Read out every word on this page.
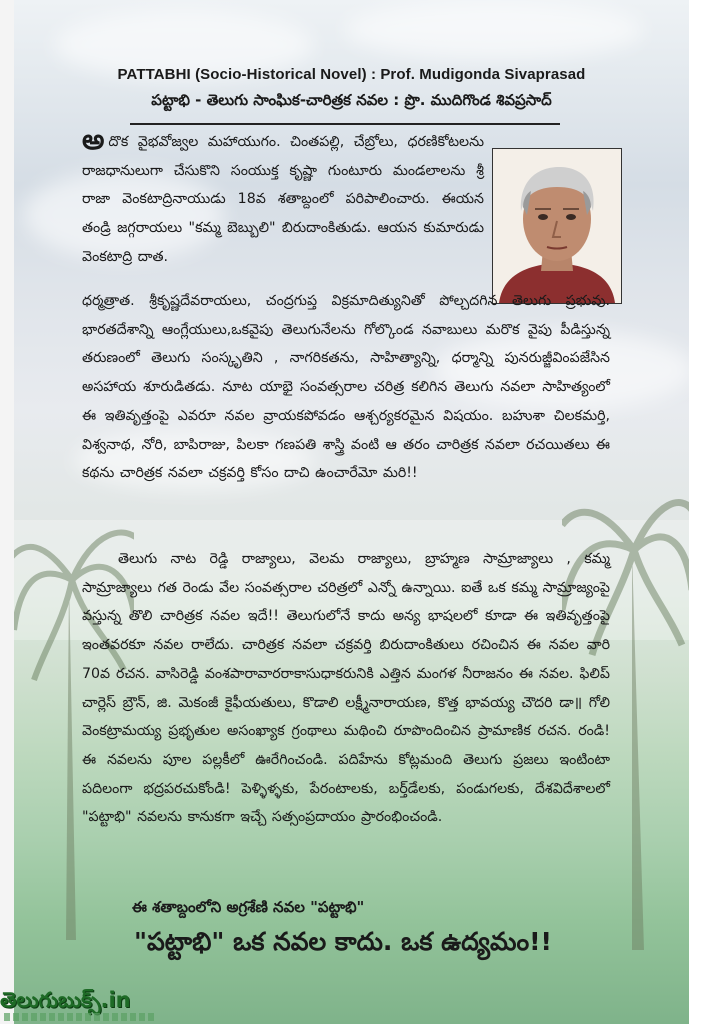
PATTABHI (Socio-Historical Novel) : Prof. Mudigonda Sivaprasad
పట్టాభి - తెలుగు సాంఘిక-చారిత్రక నవల : ప్రొ. ముదిగొండ శివప్రసాద్
అదొక వైభవోజ్వల మహాయుగం. చింతపల్లి, చేబ్రోలు, ధరణికోటలను రాజధానులుగా చేసుకొని సంయుక్త కృష్ణా గుంటూరు మండలాలను శ్రీ రాజా వెంకటాద్రినాయుడు 18వ శతాబ్దంలో పరిపాలించారు. ఈయన తండ్రి జగ్గరాయలు "కమ్మ బెబ్బులి" బిరుదాంకితుడు. ఆయన కుమారుడు వెంకటాద్రి దాత.
ధర్మత్రాత. శ్రీకృష్ణదేవరాయలు, చంద్రగుప్త విక్రమాదిత్యునితో పోల్చదగిన తెలుగు ప్రభువు. భారతదేశాన్ని ఆంగ్లేయులు,ఒకవైపు తెలుగునేలను గోల్కొండ నవాబులు మరొక వైపు పీడిస్తున్న తరుణంలో తెలుగు సంస్కృతిని , నాగరికతను, సాహిత్యాన్ని, ధర్మాన్ని పునరుజ్జీవింపజేసిన అసహాయ శూరుడితడు. నూట యాభై సంవత్సరాల చరిత్ర కలిగిన తెలుగు నవలా సాహిత్యంలో ఈ ఇతివృత్తంపై ఎవరూ నవల వ్రాయకపోవడం ఆశ్చర్యకరమైన విషయం. బహుశా చిలకమర్తి, విశ్వనాథ, నోరి, బాపిరాజు, పిలకా గణపతి శాస్త్రి వంటి ఆ తరం చారిత్రక నవలా రచయితలు ఈ కథను చారిత్రక నవలా చక్రవర్తి కోసం దాచి ఉంచారేమో మరి!!
తెలుగు నాట రెడ్డి రాజ్యాలు, వెలమ రాజ్యాలు, బ్రాహ్మణ సామ్రాజ్యాలు , కమ్మ సామ్రాజ్యాలు గత రెండు వేల సంవత్సరాల చరిత్రలో ఎన్నో ఉన్నాయి. ఐతే ఒక కమ్మ సామ్రాజ్యంపై వస్తున్న తొలి చారిత్రక నవల ఇదే!! తెలుగులోనే కాదు అన్య భాషలలో కూడా ఈ ఇతివృత్తంపై ఇంతవరకూ నవల రాలేదు. చారిత్రక నవలా చక్రవర్తి బిరుదాంకితులు రచించిన ఈ నవల వారి 70వ రచన. వాసిరెడ్డి వంశపారావారరాకాసుధాకరునికి ఎత్తిన మంగళ నీరాజనం ఈ నవల. ఫిలిప్ చార్లెస్ బ్రౌన్, జి. మెకంజీ కైఫీయతులు, కొడాలి లక్ష్మీనారాయణ, కొత్త భావయ్య చౌదరి డా॥ గోలి వెంకట్రామయ్య ప్రభృతుల అసంఖ్యాక గ్రంథాలు మథించి రూపొందించిన ప్రామాణిక రచన. రండి! ఈ నవలను పూల పల్లకీలో ఊరేగించండి. పదిహేను కోట్లమంది తెలుగు ప్రజలు ఇంటింటా పదిలంగా భద్రపరచుకోండి! పెళ్ళిళ్ళకు, పేరంటాలకు, బర్త్‌డేలకు, పండుగలకు, దేశవిదేశాలలో "పట్టాభి" నవలను కానుకగా ఇచ్చే సత్సంప్రదాయం ప్రారంభించండి.
ఈ శతాబ్దంలోని అగ్రశేణి నవల "పట్టాభి"
"పట్టాభి" ఒక నవల కాదు. ఒక ఉద్యమం!!
తెలుగుబుక్స్.in
